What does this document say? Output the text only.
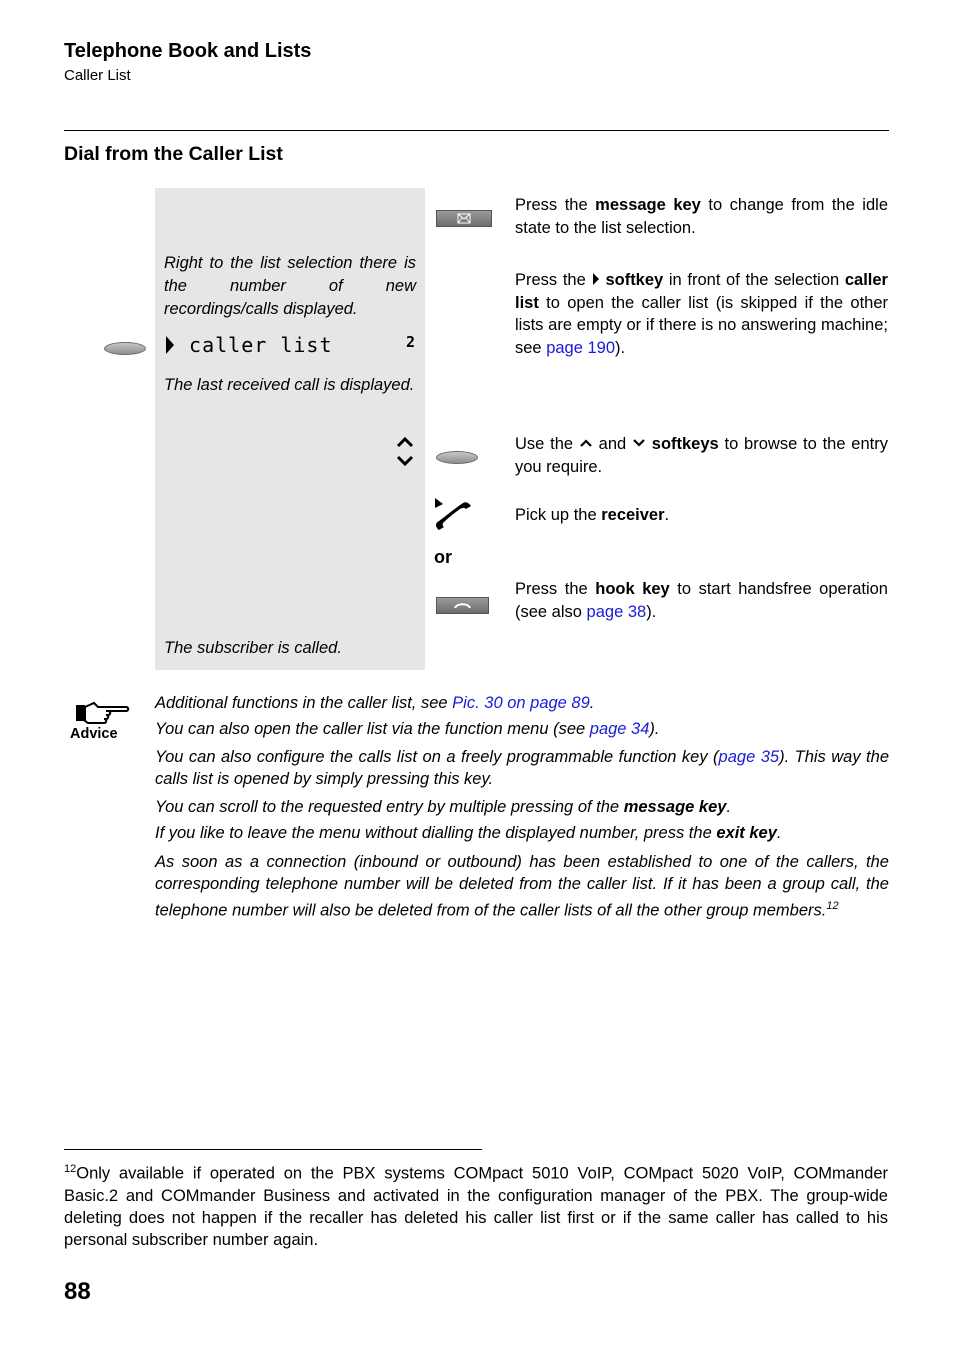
Telephone Book and Lists
Caller List
Dial from the Caller List
Right to the list selection there is the number of new recordings/calls displayed.
caller list	2
The last received call is displayed.
The subscriber is called.
or
Press the message key to change from the idle state to the list selection.
Press the softkey in front of the selection caller list to open the caller list (is skipped if the other lists are empty or if there is no answering machine; see page 190).
Use the  and  softkeys to browse to the entry you require.
Pick up the receiver.
Press the hook key to start handsfree operation (see also page 38).
Advice
Additional functions in the caller list, see Pic. 30 on page 89.
You can also open the caller list via the function menu (see page 34).
You can also configure the calls list on a freely programmable function key (page 35). This way the calls list is opened by simply pressing this key.
You can scroll to the requested entry by multiple pressing of the message key.
If you like to leave the menu without dialling the displayed number, press the exit key.
As soon as a connection (inbound or outbound) has been established to one of the callers, the corresponding telephone number will be deleted from the caller list. If it has been a group call, the telephone number will also be deleted from of the caller lists of all the other group members.$^{12}$
$^{12}$Only available if operated on the PBX systems COMpact 5010 VoIP, COMpact 5020 VoIP, COMmander Basic.2 and COMmander Business and activated in the configuration manager of the PBX. The group-wide deleting does not happen if the recaller has deleted his caller list first or if the same caller has called to his personal subscriber number again.
88
